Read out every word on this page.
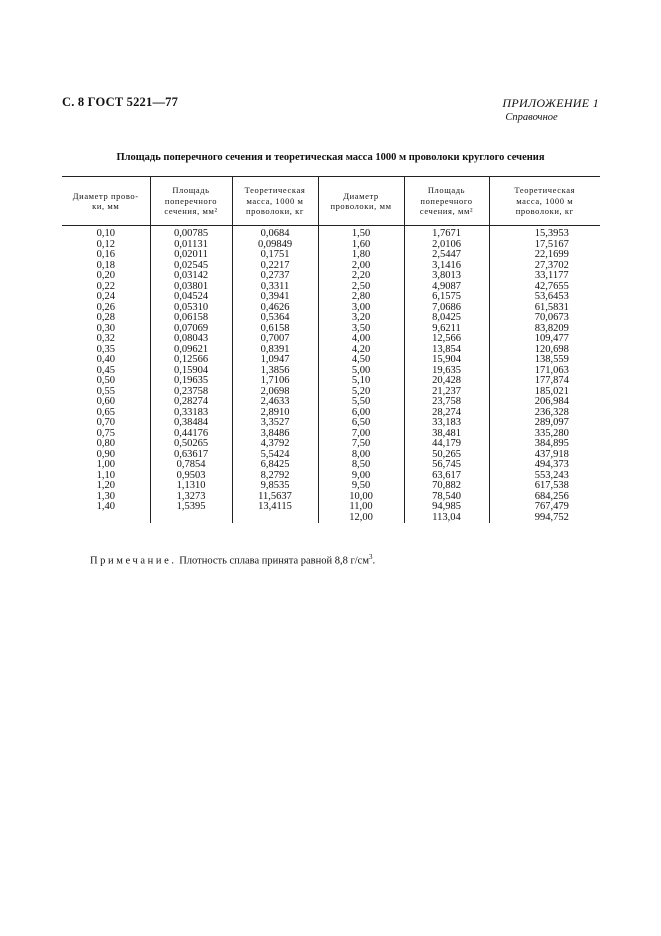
С. 8 ГОСТ 5221—77	ПРИЛОЖЕНИЕ 1
Справочное
Площадь поперечного сечения и теоретическая масса 1000 м проволоки круглого сечения
Диаметр прово-
ки, мм	Площадь
поперечного
сечения, мм²	Теоретическая
масса, 1000 м
проволоки, кг	Диаметр
проволоки, мм	Площадь
поперечного
сечения, мм²	Теоретическая
масса, 1000 м
проволоки, кг
0,10	0,00785	0,0684	1,50	1,7671	15,3953
0,12	0,01131	0,09849	1,60	2,0106	17,5167
0,16	0,02011	0,1751	1,80	2,5447	22,1699
0,18	0,02545	0,2217	2,00	3,1416	27,3702
0,20	0,03142	0,2737	2,20	3,8013	33,1177
0,22	0,03801	0,3311	2,50	4,9087	42,7655
0,24	0,04524	0,3941	2,80	6,1575	53,6453
0,26	0,05310	0,4626	3,00	7,0686	61,5831
0,28	0,06158	0,5364	3,20	8,0425	70,0673
0,30	0,07069	0,6158	3,50	9,6211	83,8209
0,32	0,08043	0,7007	4,00	12,566	109,477
0,35	0,09621	0,8391	4,20	13,854	120,698
0,40	0,12566	1,0947	4,50	15,904	138,559
0,45	0,15904	1,3856	5,00	19,635	171,063
0,50	0,19635	1,7106	5,10	20,428	177,874
0,55	0,23758	2,0698	5,20	21,237	185,021
0,60	0,28274	2,4633	5,50	23,758	206,984
0,65	0,33183	2,8910	6,00	28,274	236,328
0,70	0,38484	3,3527	6,50	33,183	289,097
0,75	0,44176	3,8486	7,00	38,481	335,280
0,80	0,50265	4,3792	7,50	44,179	384,895
0,90	0,63617	5,5424	8,00	50,265	437,918
1,00	0,7854	6,8425	8,50	56,745	494,373
1,10	0,9503	8,2792	9,00	63,617	553,243
1,20	1,1310	9,8535	9,50	70,882	617,538
1,30	1,3273	11,5637	10,00	78,540	684,256
1,40	1,5395	13,4115	11,00	94,985	767,479
			12,00	113,04	994,752
Примечание. Плотность сплава принята равной 8,8 $г/см^3$.
